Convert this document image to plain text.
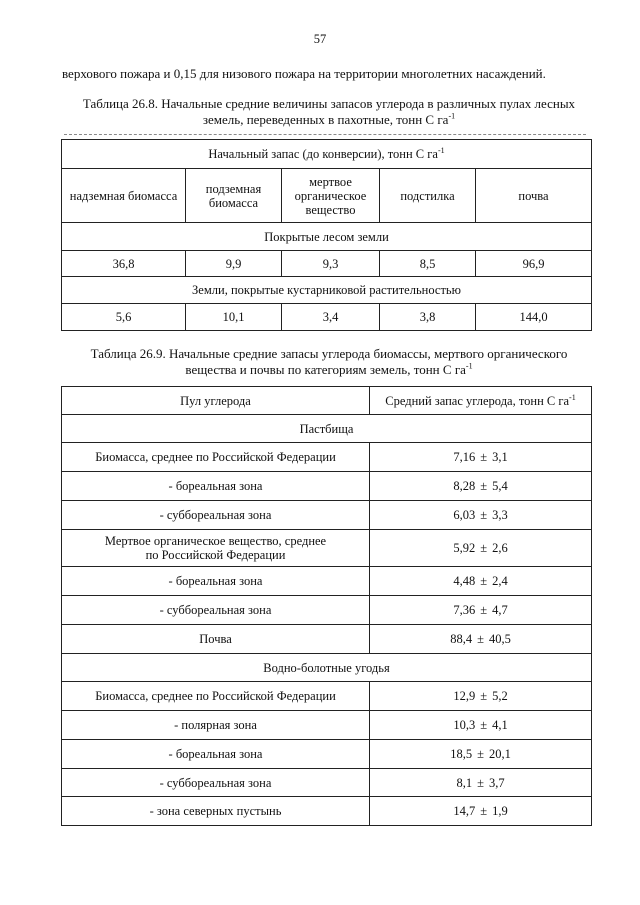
57
верхового пожара и 0,15 для низового пожара на территории многолетних насаждений.
Таблица 26.8. Начальные средние величины запасов углерода в различных пулах лесных
земель, переведенных в пахотные, тонн С $га^{-1}$
Начальный запас (до конверсии), тонн С $га^{-1}$
надземная биомасса	подземная биомасса	мертвое органическое вещество	подстилка	почва
Покрытые лесом земли				
36,8	9,9	9,3	8,5	96,9
Земли, покрытые кустарниковой растительностью				
5,6	10,1	3,4	3,8	144,0
Таблица 26.9. Начальные средние запасы углерода биомассы, мертвого органического
вещества и почвы по категориям земель, тонн С $га^{-1}$
Пул углерода	Средний запас углерода, тонн С $га^{-1}$
Пастбища	
Биомасса, среднее по Российской Федерации	7,16 ± 3,1
- бореальная зона	8,28 ± 5,4
- суббореальная зона	6,03 ± 3,3
Мертвое органическое вещество, среднее по Российской Федерации	5,92 ± 2,6
- бореальная зона	4,48 ± 2,4
- суббореальная зона	7,36 ± 4,7
Почва	88,4 ± 40,5
Водно-болотные угодья	
Биомасса, среднее по Российской Федерации	12,9 ± 5,2
- полярная зона	10,3 ± 4,1
- бореальная зона	18,5 ± 20,1
- суббореальная зона	8,1 ± 3,7
- зона северных пустынь	14,7 ± 1,9
